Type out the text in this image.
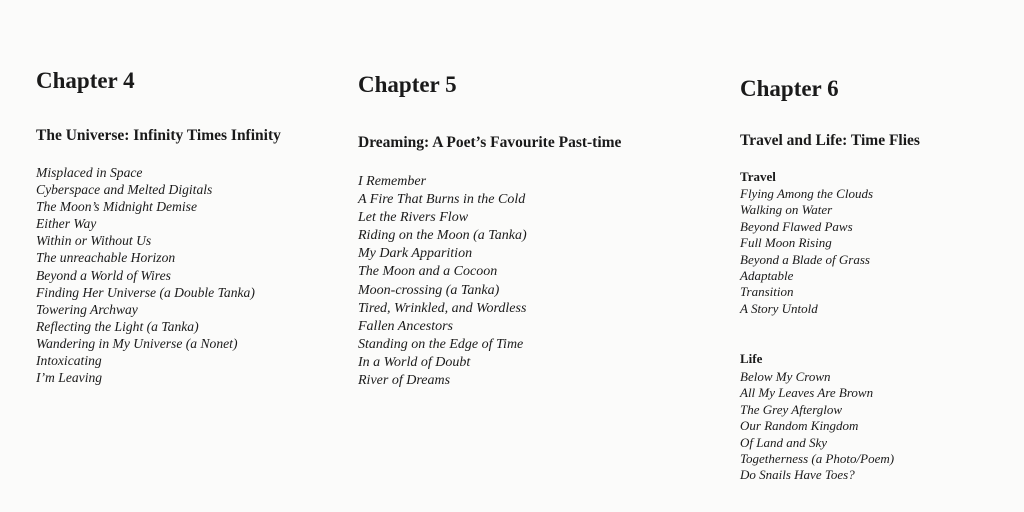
Chapter 4
The Universe: Infinity Times Infinity
Misplaced in Space
Cyberspace and Melted Digitals
The Moon’s Midnight Demise
Either Way
Within or Without Us
The unreachable Horizon
Beyond a World of Wires
Finding Her Universe (a Double Tanka)
Towering Archway
Reflecting the Light (a Tanka)
Wandering in My Universe (a Nonet)
Intoxicating
I’m Leaving
Chapter 5
Dreaming: A Poet’s Favourite Past-time
I Remember
A Fire That Burns in the Cold
Let the Rivers Flow
Riding on the Moon (a Tanka)
My Dark Apparition
The Moon and a Cocoon
Moon-crossing (a Tanka)
Tired, Wrinkled, and Wordless
Fallen Ancestors
Standing on the Edge of Time
In a World of Doubt
River of Dreams
Chapter 6
Travel and Life: Time Flies
Travel
Flying Among the Clouds
Walking on Water
Beyond Flawed Paws
Full Moon Rising
Beyond a Blade of Grass
Adaptable
Transition
A Story Untold
Life
Below My Crown
All My Leaves Are Brown
The Grey Afterglow
Our Random Kingdom
Of Land and Sky
Togetherness (a Photo/Poem)
Do Snails Have Toes?
